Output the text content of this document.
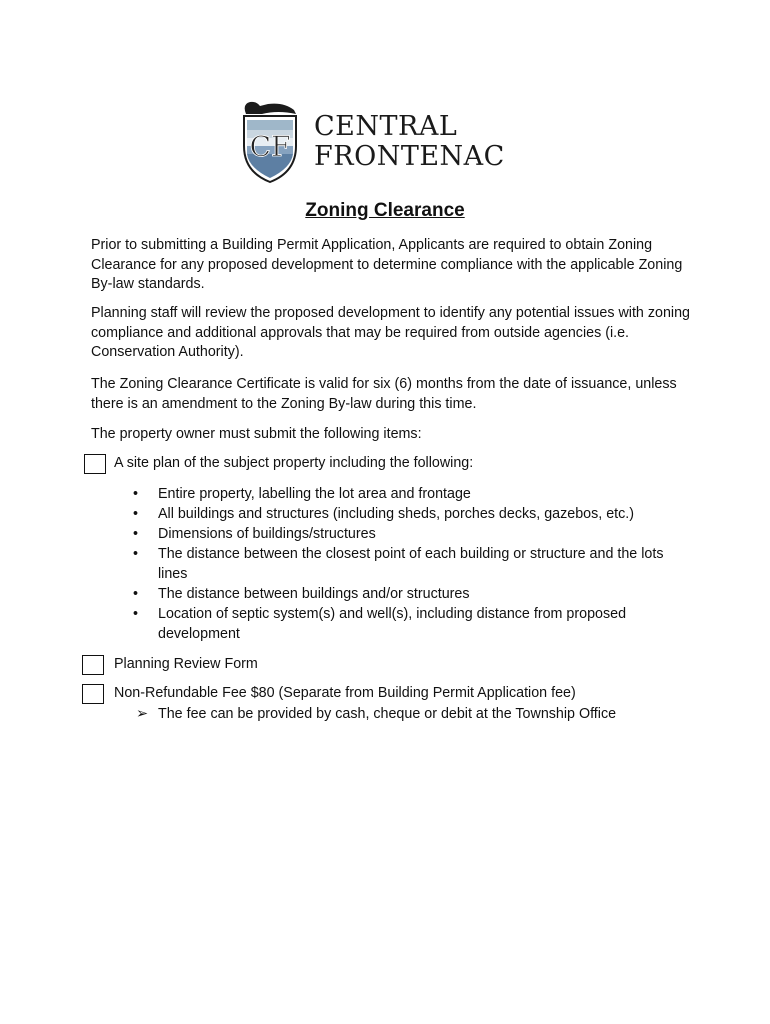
CF
CENTRAL
FRONTENAC
Zoning Clearance
Prior to submitting a Building Permit Application, Applicants are required to obtain Zoning Clearance for any proposed development to determine compliance with the applicable Zoning By-law standards.
Planning staff will review the proposed development to identify any potential issues with zoning compliance and additional approvals that may be required from outside agencies (i.e. Conservation Authority).
The Zoning Clearance Certificate is valid for six (6) months from the date of issuance, unless there is an amendment to the Zoning By-law during this time.
The property owner must submit the following items:
A site plan of the subject property including the following:
• Entire property, labelling the lot area and frontage
• All buildings and structures (including sheds, porches decks, gazebos, etc.)
• Dimensions of buildings/structures
• The distance between the closest point of each building or structure and the lots lines
• The distance between buildings and/or structures
• Location of septic system(s) and well(s), including distance from proposed development
Planning Review Form
Non-Refundable Fee $80 (Separate from Building Permit Application fee)
➢ The fee can be provided by cash, cheque or debit at the Township Office
